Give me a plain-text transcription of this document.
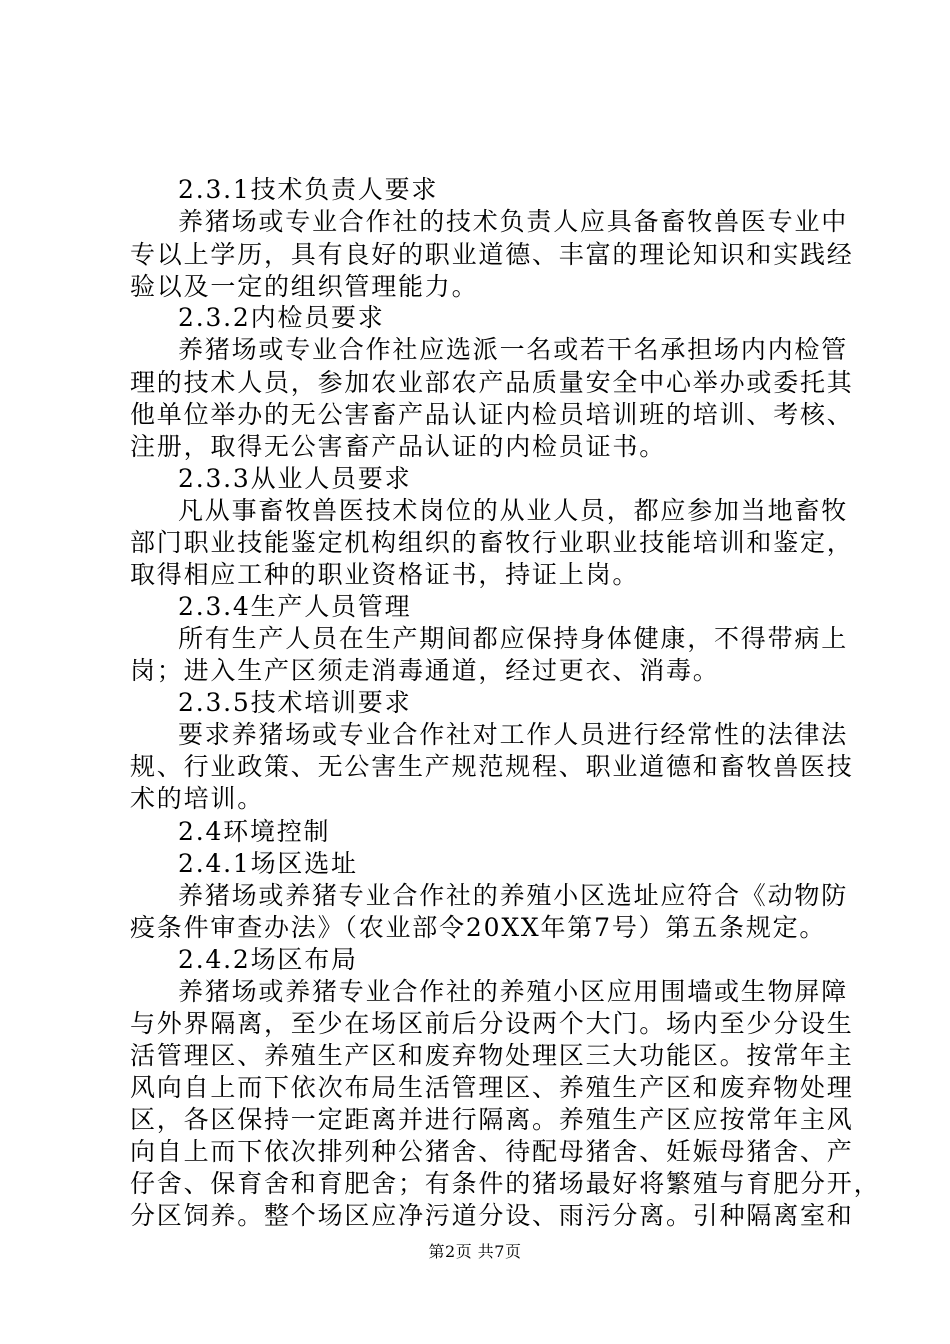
2.3.1技术负责人要求
养猪场或专业合作社的技术负责人应具备畜牧兽医专业中
专以上学历，具有良好的职业道德、丰富的理论知识和实践经
验以及一定的组织管理能力。
2.3.2内检员要求
养猪场或专业合作社应选派一名或若干名承担场内内检管
理的技术人员，参加农业部农产品质量安全中心举办或委托其
他单位举办的无公害畜产品认证内检员培训班的培训、考核、
注册，取得无公害畜产品认证的内检员证书。
2.3.3从业人员要求
凡从事畜牧兽医技术岗位的从业人员，都应参加当地畜牧
部门职业技能鉴定机构组织的畜牧行业职业技能培训和鉴定，
取得相应工种的职业资格证书，持证上岗。
2.3.4生产人员管理
所有生产人员在生产期间都应保持身体健康，不得带病上
岗；进入生产区须走消毒通道，经过更衣、消毒。
2.3.5技术培训要求
要求养猪场或专业合作社对工作人员进行经常性的法律法
规、行业政策、无公害生产规范规程、职业道德和畜牧兽医技
术的培训。
2.4环境控制
2.4.1场区选址
养猪场或养猪专业合作社的养殖小区选址应符合《动物防
疫条件审查办法》（农业部令20XX年第7号）第五条规定。
2.4.2场区布局
养猪场或养猪专业合作社的养殖小区应用围墙或生物屏障
与外界隔离，至少在场区前后分设两个大门。场内至少分设生
活管理区、养殖生产区和废弃物处理区三大功能区。按常年主
风向自上而下依次布局生活管理区、养殖生产区和废弃物处理
区，各区保持一定距离并进行隔离。养殖生产区应按常年主风
向自上而下依次排列种公猪舍、待配母猪舍、妊娠母猪舍、产
仔舍、保育舍和育肥舍；有条件的猪场最好将繁殖与育肥分开，
分区饲养。整个场区应净污道分设、雨污分离。引种隔离室和
第2页 共7页
